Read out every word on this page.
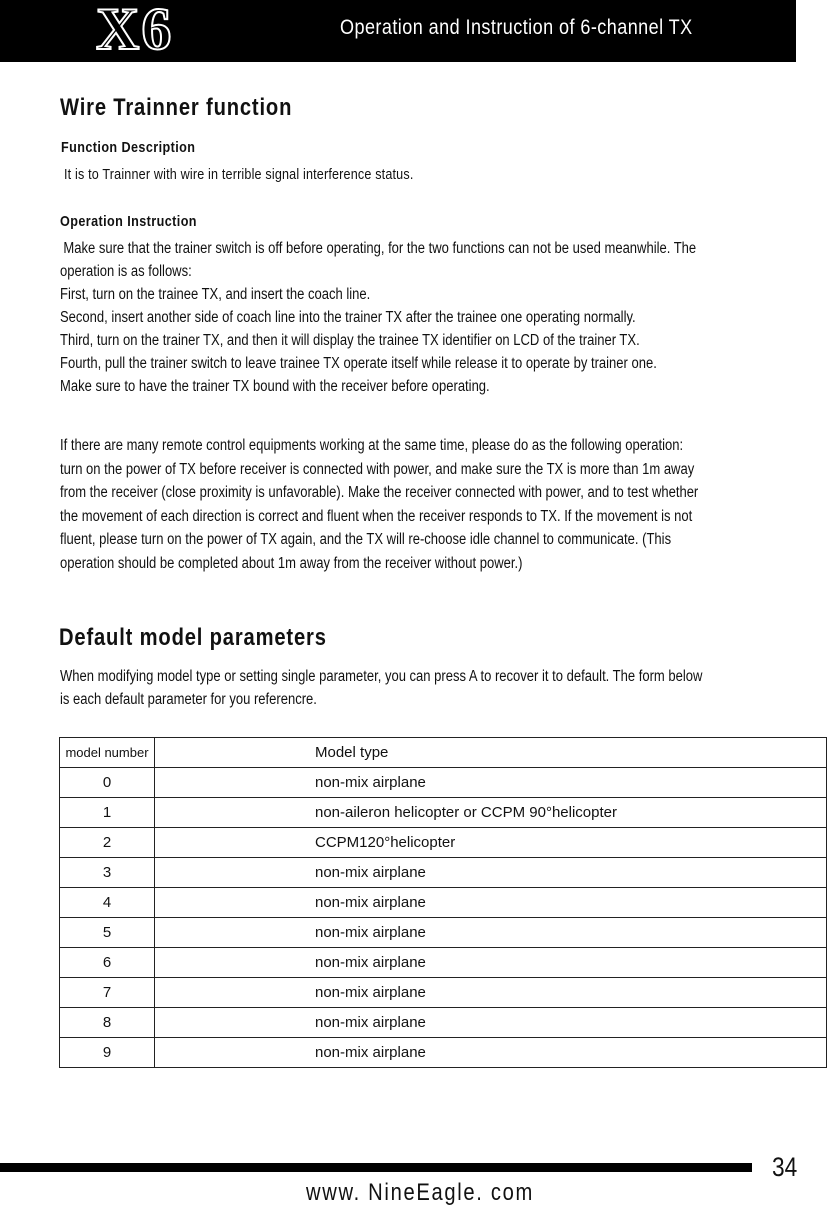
X6	Operation and Instruction of 6-channel TX
Wire Trainner function
Function Description
It is to Trainner with wire in terrible signal interference status.
Operation Instruction
Make sure that the trainer switch is off before operating, for the two functions can not be used meanwhile. The
operation is as follows:
First, turn on the trainee TX, and insert the coach line.
Second, insert another side of coach line into the trainer TX after the trainee one operating normally.
Third, turn on the trainer TX, and then it will display the trainee TX identifier on LCD of the trainer TX.
Fourth, pull the trainer switch to leave trainee TX operate itself while release it to operate by trainer one.
Make sure to have the trainer TX bound with the receiver before operating.
If there are many remote control equipments working at the same time, please do as the following operation:
turn on the power of TX before receiver is connected with power, and make sure the TX is more than 1m away
from the receiver (close proximity is unfavorable). Make the receiver connected with power, and to test whether
the movement of each direction is correct and fluent when the receiver responds to TX. If the movement is not
fluent, please turn on the power of TX again, and the TX will re-choose idle channel to communicate. (This
operation should be completed about 1m away from the receiver without power.)
Default model parameters
When modifying model type or setting single parameter, you can press A to recover it to default. The form below
is each default parameter for you referencre.
model number	Model type
0	non-mix airplane
1	non-aileron helicopter or CCPM 90°helicopter
2	CCPM120°helicopter
3	non-mix airplane
4	non-mix airplane
5	non-mix airplane
6	non-mix airplane
7	non-mix airplane
8	non-mix airplane
9	non-mix airplane
34
www. NineEagle. com
